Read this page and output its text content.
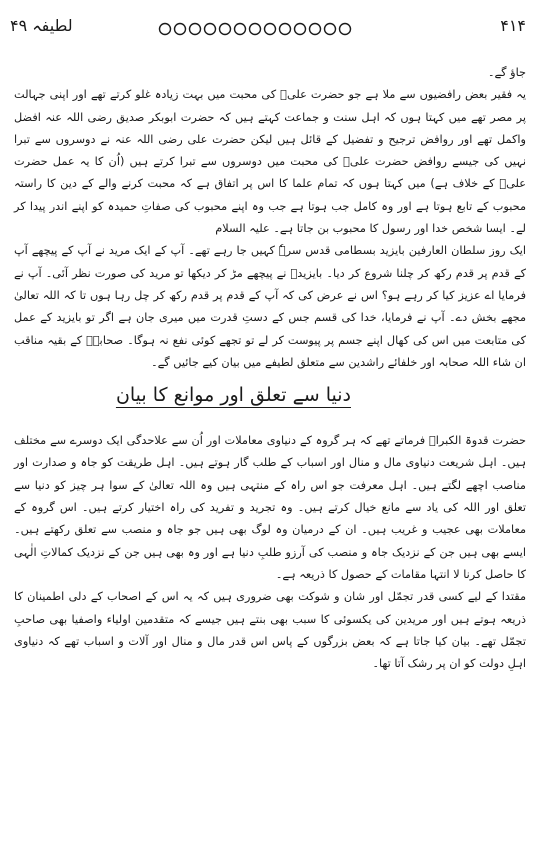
لطیفہ ۴۹	۴۱۴

جاؤ گے۔

یہ فقیر بعض رافضیوں سے ملا ہے جو حضرت علیؓ کی محبت میں بہت زیادہ غلو کرتے تھے اور اپنی جہالت پر مصر تھے میں کہتا ہوں کہ اہل سنت و جماعت کہتے ہیں کہ حضرت ابوبکر صدیق رضی اللہ عنہ افضل واکمل تھے اور روافض ترجیح و تفضیل کے قائل ہیں لیکن حضرت علی رضی اللہ عنہ نے دوسروں سے تبرا نہیں کی جیسے روافض حضرت علیؓ کی محبت میں دوسروں سے تبرا کرتے ہیں (اُن کا یہ عمل حضرت علیؓ کے خلاف ہے) میں کہتا ہوں کہ تمام علما کا اس پر اتفاق ہے کہ محبت کرنے والے کے دین کا راستہ محبوب کے تابع ہوتا ہے اور وہ کامل جب ہوتا ہے جب وہ اپنے محبوب کی صفاتِ حمیدہ کو اپنے اندر پیدا کر لے۔ ایسا شخص خدا اور رسول کا محبوب بن جاتا ہے۔ علیہ السلام

ایک روز سلطان العارفین بایزید بسطامی قدس سرہٗ کہیں جا رہے تھے۔ آپ کے ایک مرید نے آپ کے پیچھے آپ کے قدم پر قدم رکھ کر چلنا شروع کر دیا۔ بایزیدؒ نے پیچھے مڑ کر دیکھا تو مرید کی صورت نظر آئی۔ آپ نے فرمایا اے عزیز کیا کر رہے ہو؟ اس نے عرض کی کہ آپ کے قدم پر قدم رکھ کر چل رہا ہوں تا کہ اللہ تعالیٰ مجھے بخش دے۔ آپ نے فرمایا، خدا کی قسم جس کے دستِ قدرت میں میری جان ہے اگر تو بایزید کے عمل کی متابعت میں اس کی کھال اپنے جسم پر پیوست کر لے تو تجھے کوئی نفع نہ ہوگا۔ صحابہؓ کے بقیہ مناقب ان شاء اللہ صحابہ اور خلفائے راشدین سے متعلق لطیفے میں بیان کیے جائیں گے۔

دنیا سے تعلق اور موانع کا بیان

حضرت قدوۃ الکبراؒ فرماتے تھے کہ ہر گروہ کے دنیاوی معاملات اور اُن سے علاحدگی ایک دوسرے سے مختلف ہیں۔ اہل شریعت دنیاوی مال و منال اور اسباب کے طلب گار ہوتے ہیں۔ اہل طریقت کو جاہ و صدارت اور مناصب اچھے لگتے ہیں۔ اہل معرفت جو اس راہ کے منتہی ہیں وہ اللہ تعالیٰ کے سوا ہر چیز کو دنیا سے تعلق اور اللہ کی یاد سے مانع خیال کرتے ہیں۔ وہ تجرید و تفرید کی راہ اختیار کرتے ہیں۔ اس گروہ کے معاملات بھی عجیب و غریب ہیں۔ ان کے درمیان وہ لوگ بھی ہیں جو جاہ و منصب سے تعلق رکھتے ہیں۔ ایسے بھی ہیں جن کے نزدیک جاہ و منصب کی آرزو طلبِ دنیا ہے اور وہ بھی ہیں جن کے نزدیک کمالاتِ الٰہی کا حاصل کرنا لا انتہا مقامات کے حصول کا ذریعہ ہے۔

مقتدا کے لیے کسی قدر تجمّل اور شان و شوکت بھی ضروری ہیں کہ یہ اس کے اصحاب کے دلی اطمینان کا ذریعہ ہوتے ہیں اور مریدین کی یکسوئی کا سبب بھی بنتے ہیں جیسے کہ متقدمین اولیاء واصفیا بھی صاحبِ تجمّل تھے۔ بیان کیا جاتا ہے کہ بعض بزرگوں کے پاس اس قدر مال و منال اور آلات و اسباب تھے کہ دنیاوی اہلِ دولت کو ان پر رشک آتا تھا۔
